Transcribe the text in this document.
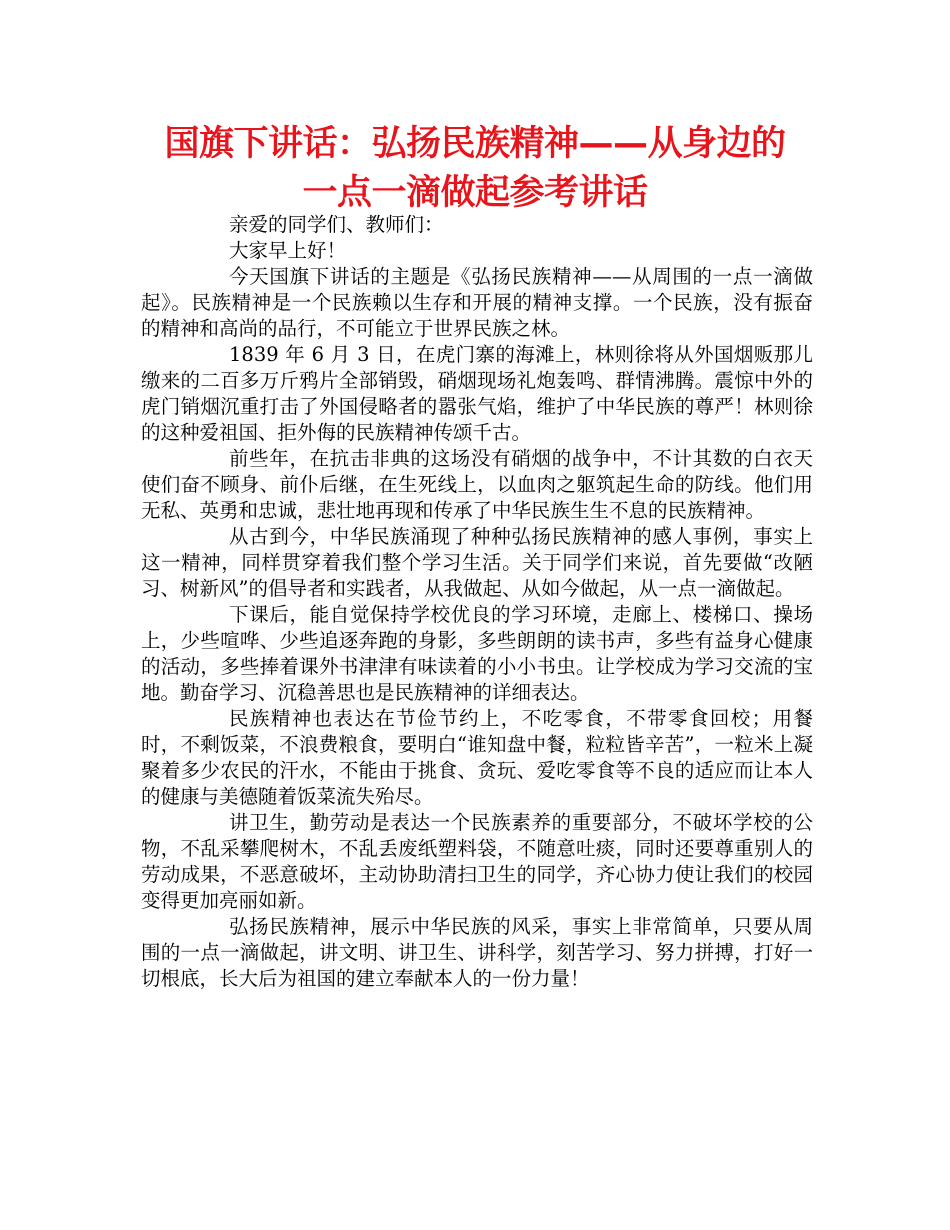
国旗下讲话：弘扬民族精神——从身边的
一点一滴做起参考讲话

亲爱的同学们、教师们：

大家早上好！

今天国旗下讲话的主题是《弘扬民族精神——从周围的一点一滴做起》。民族精神是一个民族赖以生存和开展的精神支撑。一个民族，没有振奋的精神和高尚的品行，不可能立于世界民族之林。

1839 年 6 月 3 日，在虎门寨的海滩上，林则徐将从外国烟贩那儿缴来的二百多万斤鸦片全部销毁，硝烟现场礼炮轰鸣、群情沸腾。震惊中外的虎门销烟沉重打击了外国侵略者的嚣张气焰，维护了中华民族的尊严！林则徐的这种爱祖国、拒外侮的民族精神传颂千古。

前些年，在抗击非典的这场没有硝烟的战争中，不计其数的白衣天使们奋不顾身、前仆后继，在生死线上，以血肉之躯筑起生命的防线。他们用无私、英勇和忠诚，悲壮地再现和传承了中华民族生生不息的民族精神。

从古到今，中华民族涌现了种种弘扬民族精神的感人事例，事实上这一精神，同样贯穿着我们整个学习生活。关于同学们来说，首先要做“改陋习、树新风”的倡导者和实践者，从我做起、从如今做起，从一点一滴做起。

下课后，能自觉保持学校优良的学习环境，走廊上、楼梯口、操场上，少些喧哗、少些追逐奔跑的身影，多些朗朗的读书声，多些有益身心健康的活动，多些捧着课外书津津有味读着的小小书虫。让学校成为学习交流的宝地。勤奋学习、沉稳善思也是民族精神的详细表达。

民族精神也表达在节俭节约上，不吃零食，不带零食回校；用餐时，不剩饭菜，不浪费粮食，要明白“谁知盘中餐，粒粒皆辛苦”，一粒米上凝聚着多少农民的汗水，不能由于挑食、贪玩、爱吃零食等不良的适应而让本人的健康与美德随着饭菜流失殆尽。

讲卫生，勤劳动是表达一个民族素养的重要部分，不破坏学校的公物，不乱采攀爬树木，不乱丢废纸塑料袋，不随意吐痰，同时还要尊重别人的劳动成果，不恶意破坏，主动协助清扫卫生的同学，齐心协力使让我们的校园变得更加亮丽如新。

弘扬民族精神，展示中华民族的风采，事实上非常简单，只要从周围的一点一滴做起，讲文明、讲卫生、讲科学，刻苦学习、努力拼搏，打好一切根底，长大后为祖国的建立奉献本人的一份力量！
